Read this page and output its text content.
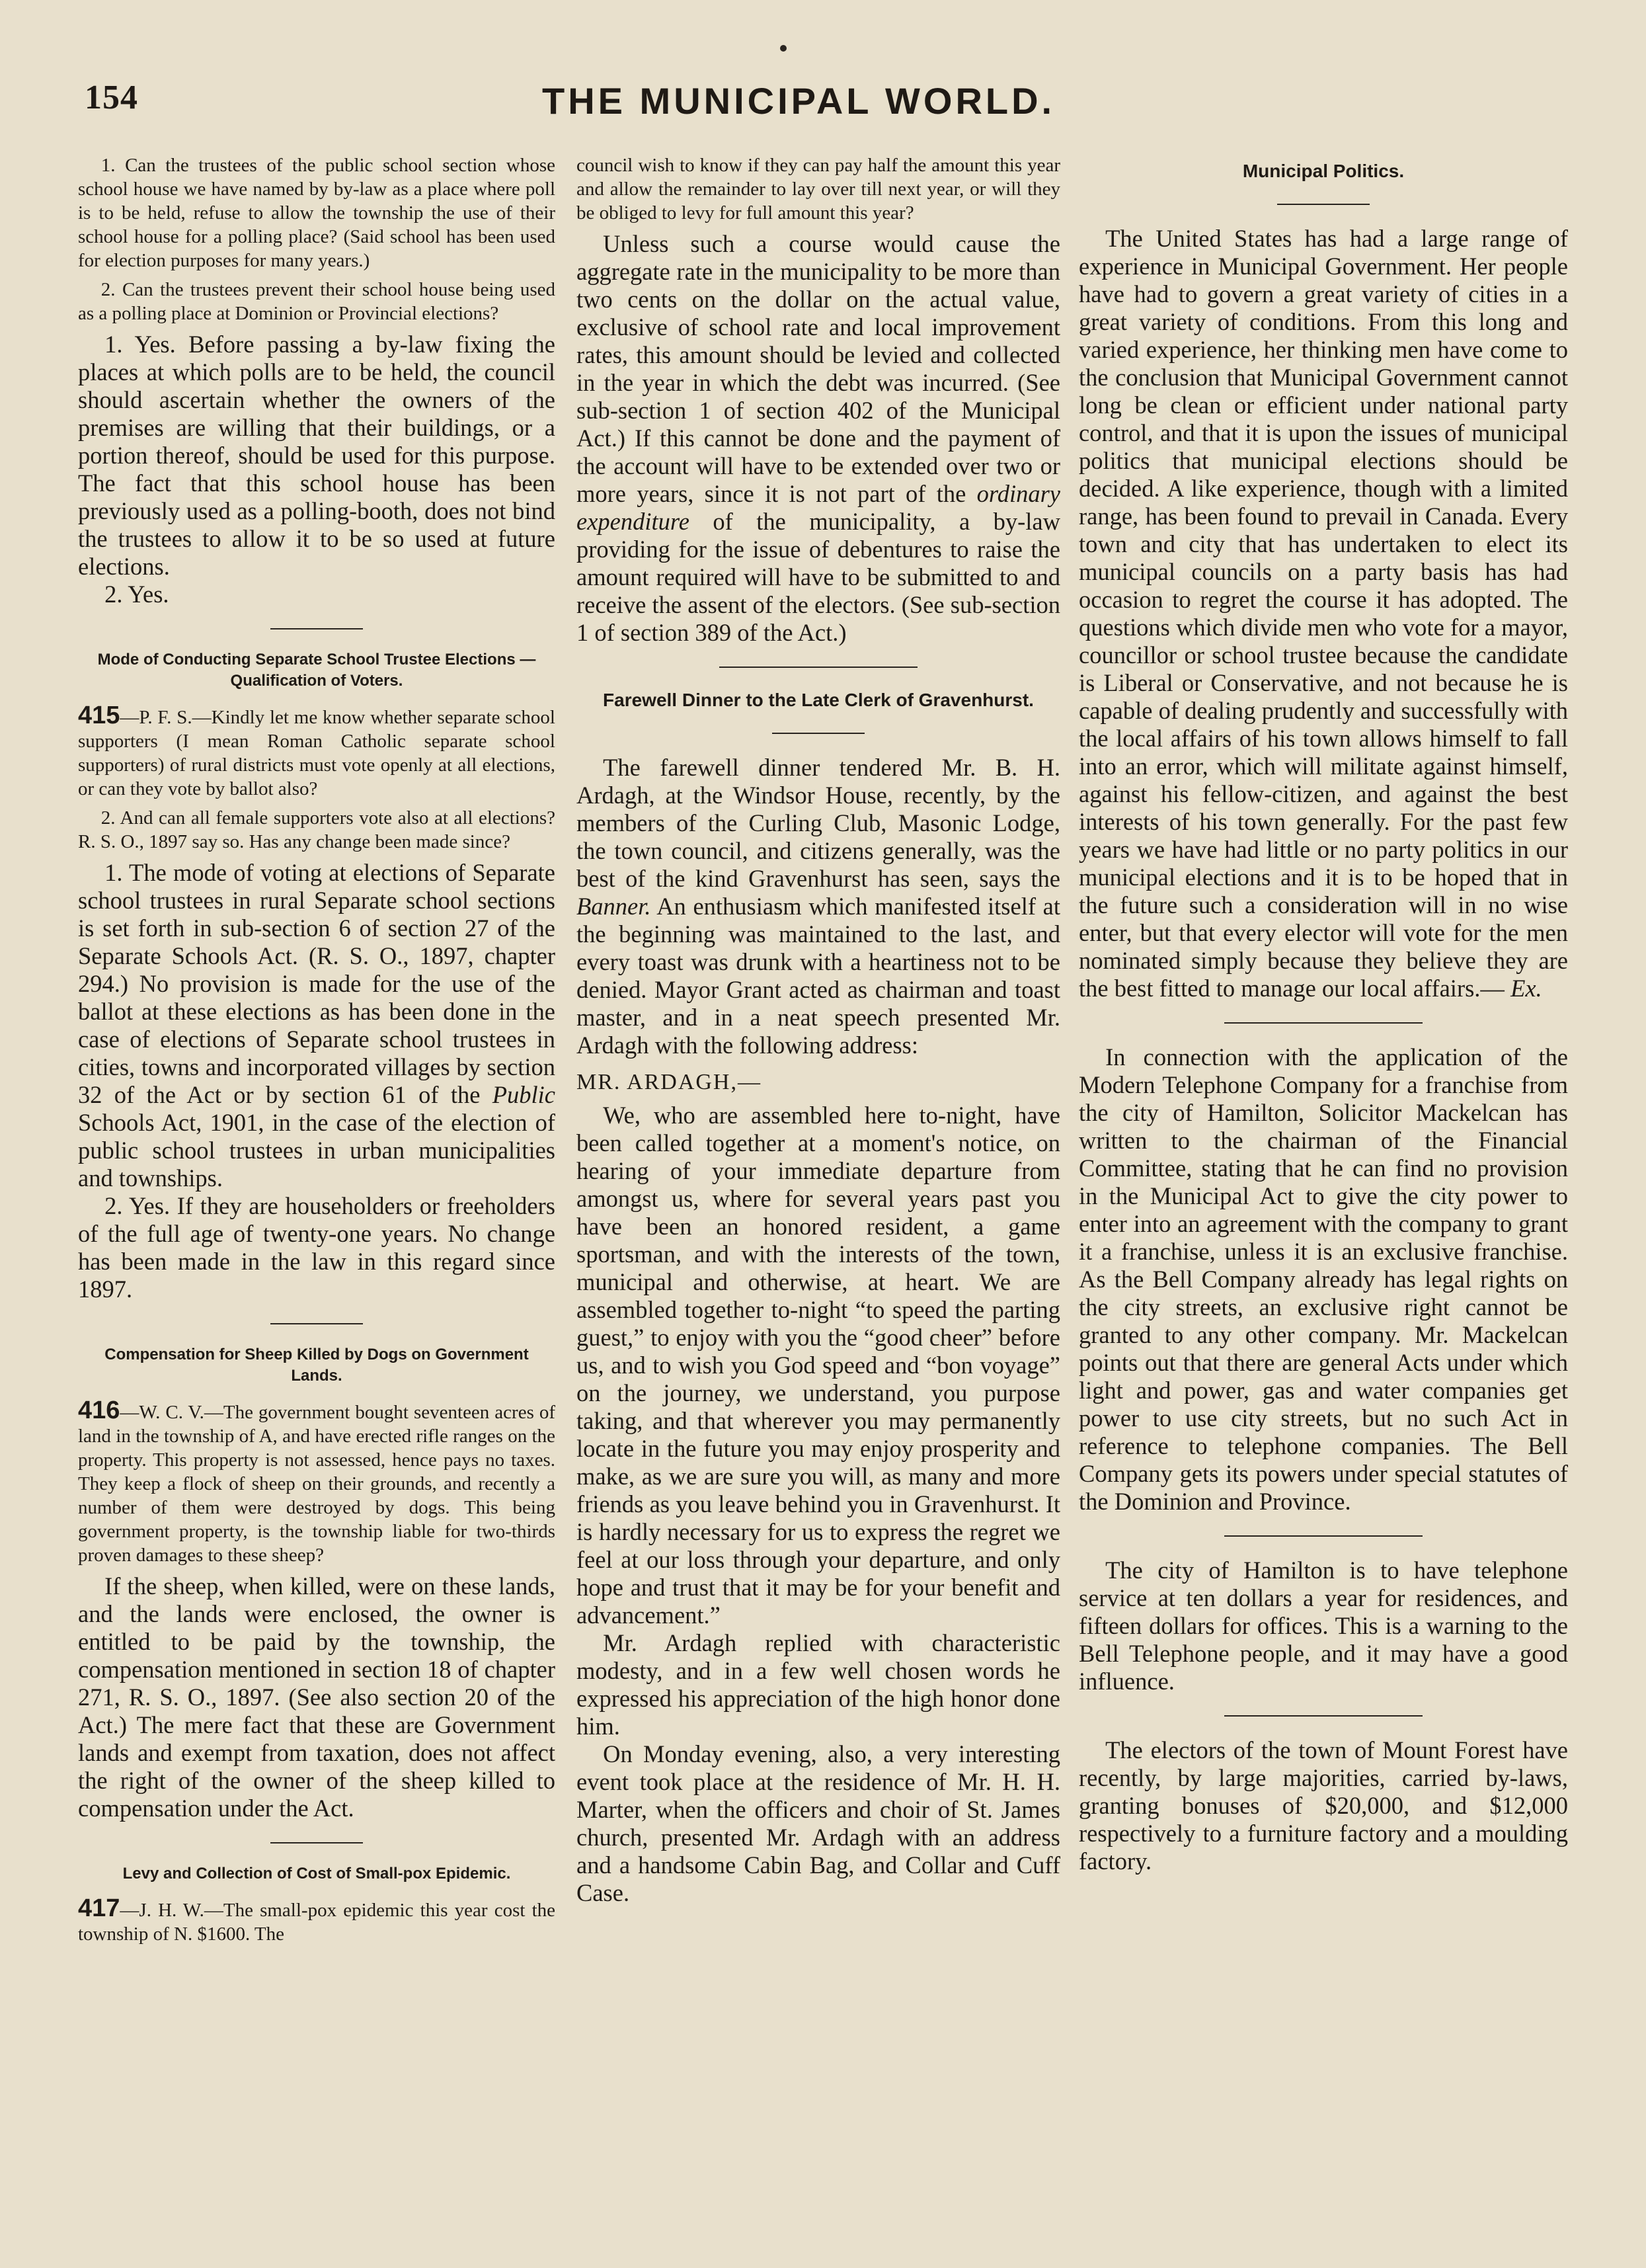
154	THE MUNICIPAL WORLD.

1. Can the trustees of the public school section whose school house we have named by by-law as a place where poll is to be held, refuse to allow the township the use of their school house for a polling place? (Said school has been used for election purposes for many years.)

2. Can the trustees prevent their school house being used as a polling place at Dominion or Provincial elections?

1. Yes. Before passing a by-law fixing the places at which polls are to be held, the council should ascertain whether the owners of the premises are willing that their buildings, or a portion thereof, should be used for this purpose. The fact that this school house has been previously used as a polling-booth, does not bind the trustees to allow it to be so used at future elections.

2. Yes.

Mode of Conducting Separate School Trustee Elections —Qualification of Voters.

415—P. F. S.—Kindly let me know whether separate school supporters (I mean Roman Catholic separate school supporters) of rural districts must vote openly at all elections, or can they vote by ballot also?

2. And can all female supporters vote also at all elections? R. S. O., 1897 say so. Has any change been made since?

1. The mode of voting at elections of Separate school trustees in rural Separate school sections is set forth in sub-section 6 of section 27 of the Separate Schools Act. (R. S. O., 1897, chapter 294.) No provision is made for the use of the ballot at these elections as has been done in the case of elections of Separate school trustees in cities, towns and incorporated villages by section 32 of the Act or by section 61 of the Public Schools Act, 1901, in the case of the election of public school trustees in urban municipalities and townships.

2. Yes. If they are householders or freeholders of the full age of twenty-one years. No change has been made in the law in this regard since 1897.

Compensation for Sheep Killed by Dogs on Government Lands.

416—W. C. V.—The government bought seventeen acres of land in the township of A, and have erected rifle ranges on the property. This property is not assessed, hence pays no taxes. They keep a flock of sheep on their grounds, and recently a number of them were destroyed by dogs. This being government property, is the township liable for two-thirds proven damages to these sheep?

If the sheep, when killed, were on these lands, and the lands were enclosed, the owner is entitled to be paid by the township, the compensation mentioned in section 18 of chapter 271, R. S. O., 1897. (See also section 20 of the Act.) The mere fact that these are Government lands and exempt from taxation, does not affect the right of the owner of the sheep killed to compensation under the Act.

Levy and Collection of Cost of Small-pox Epidemic.

417—J. H. W.—The small-pox epidemic this year cost the township of N. $1600. The

council wish to know if they can pay half the amount this year and allow the remainder to lay over till next year, or will they be obliged to levy for full amount this year?

Unless such a course would cause the aggregate rate in the municipality to be more than two cents on the dollar on the actual value, exclusive of school rate and local improvement rates, this amount should be levied and collected in the year in which the debt was incurred. (See sub-section 1 of section 402 of the Municipal Act.) If this cannot be done and the payment of the account will have to be extended over two or more years, since it is not part of the ordinary expenditure of the municipality, a by-law providing for the issue of debentures to raise the amount required will have to be submitted to and receive the assent of the electors. (See sub-section 1 of section 389 of the Act.)

Farewell Dinner to the Late Clerk of Gravenhurst.

The farewell dinner tendered Mr. B. H. Ardagh, at the Windsor House, recently, by the members of the Curling Club, Masonic Lodge, the town council, and citizens generally, was the best of the kind Gravenhurst has seen, says the Banner. An enthusiasm which manifested itself at the beginning was maintained to the last, and every toast was drunk with a heartiness not to be denied. Mayor Grant acted as chairman and toast master, and in a neat speech presented Mr. Ardagh with the following address:

MR. ARDAGH,—

We, who are assembled here to-night, have been called together at a moment's notice, on hearing of your immediate departure from amongst us, where for several years past you have been an honored resident, a game sportsman, and with the interests of the town, municipal and otherwise, at heart. We are assembled together to-night “to speed the parting guest,” to enjoy with you the “good cheer” before us, and to wish you God speed and “bon voyage” on the journey, we understand, you purpose taking, and that wherever you may permanently locate in the future you may enjoy prosperity and make, as we are sure you will, as many and more friends as you leave behind you in Gravenhurst. It is hardly necessary for us to express the regret we feel at our loss through your departure, and only hope and trust that it may be for your benefit and advancement.”

Mr. Ardagh replied with characteristic modesty, and in a few well chosen words he expressed his appreciation of the high honor done him.

On Monday evening, also, a very interesting event took place at the residence of Mr. H. H. Marter, when the officers and choir of St. James church, presented Mr. Ardagh with an address and a handsome Cabin Bag, and Collar and Cuff Case.

Municipal Politics.

The United States has had a large range of experience in Municipal Government. Her people have had to govern a great variety of cities in a great variety of conditions. From this long and varied experience, her thinking men have come to the conclusion that Municipal Government cannot long be clean or efficient under national party control, and that it is upon the issues of municipal politics that municipal elections should be decided. A like experience, though with a limited range, has been found to prevail in Canada. Every town and city that has undertaken to elect its municipal councils on a party basis has had occasion to regret the course it has adopted. The questions which divide men who vote for a mayor, councillor or school trustee because the candidate is Liberal or Conservative, and not because he is capable of dealing prudently and successfully with the local affairs of his town allows himself to fall into an error, which will militate against himself, against his fellow-citizen, and against the best interests of his town generally. For the past few years we have had little or no party politics in our municipal elections and it is to be hoped that in the future such a consideration will in no wise enter, but that every elector will vote for the men nominated simply because they believe they are the best fitted to manage our local affairs.— Ex.

In connection with the application of the Modern Telephone Company for a franchise from the city of Hamilton, Solicitor Mackelcan has written to the chairman of the Financial Committee, stating that he can find no provision in the Municipal Act to give the city power to enter into an agreement with the company to grant it a franchise, unless it is an exclusive franchise. As the Bell Company already has legal rights on the city streets, an exclusive right cannot be granted to any other company. Mr. Mackelcan points out that there are general Acts under which light and power, gas and water companies get power to use city streets, but no such Act in reference to telephone companies. The Bell Company gets its powers under special statutes of the Dominion and Province.

The city of Hamilton is to have telephone service at ten dollars a year for residences, and fifteen dollars for offices. This is a warning to the Bell Telephone people, and it may have a good influence.

The electors of the town of Mount Forest have recently, by large majorities, carried by-laws, granting bonuses of $20,000, and $12,000 respectively to a furniture factory and a moulding factory.
